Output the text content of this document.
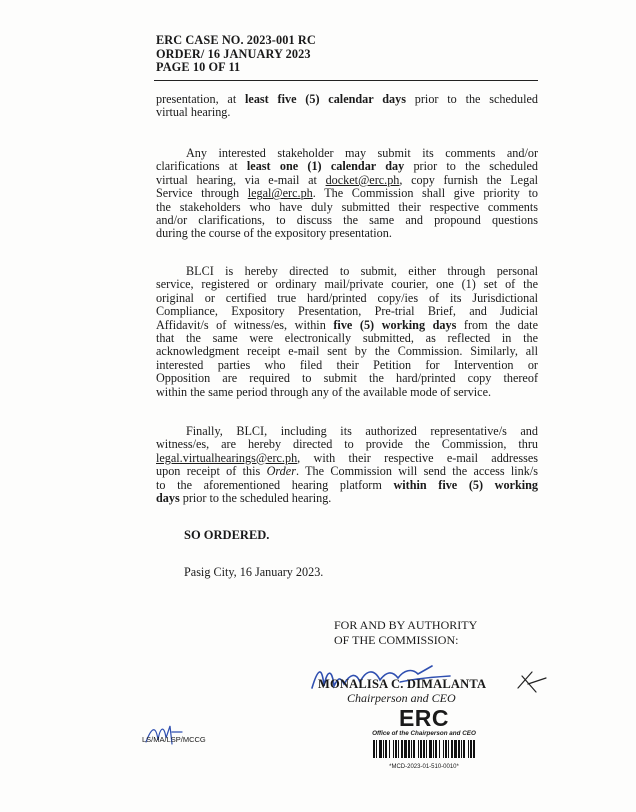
ERC CASE NO. 2023-001 RC
ORDER/ 16 JANUARY 2023
PAGE 10 OF 11
presentation, at least five (5) calendar days prior to the scheduled
virtual hearing.
Any interested stakeholder may submit its comments and/or
clarifications at least one (1) calendar day prior to the scheduled
virtual hearing, via e-mail at docket@erc.ph, copy furnish the Legal
Service through legal@erc.ph. The Commission shall give priority to
the stakeholders who have duly submitted their respective comments
and/or clarifications, to discuss the same and propound questions
during the course of the expository presentation.
BLCI is hereby directed to submit, either through personal
service, registered or ordinary mail/private courier, one (1) set of the
original or certified true hard/printed copy/ies of its Jurisdictional
Compliance, Expository Presentation, Pre-trial Brief, and Judicial
Affidavit/s of witness/es, within five (5) working days from the date
that the same were electronically submitted, as reflected in the
acknowledgment receipt e-mail sent by the Commission. Similarly, all
interested parties who filed their Petition for Intervention or
Opposition are required to submit the hard/printed copy thereof
within the same period through any of the available mode of service.
Finally, BLCI, including its authorized representative/s and
witness/es, are hereby directed to provide the Commission, thru
legal.virtualhearings@erc.ph, with their respective e-mail addresses
upon receipt of this Order. The Commission will send the access link/s
to the aforementioned hearing platform within five (5) working
days prior to the scheduled hearing.
SO ORDERED.
Pasig City, 16 January 2023.
FOR AND BY AUTHORITY
OF THE COMMISSION:
MONALISA C. DIMALANTA
Chairperson and CEO
ERC
Office of the Chairperson and CEO
*MCD-2023-01-510-0010*
LS/MA/LSP/MCCG
